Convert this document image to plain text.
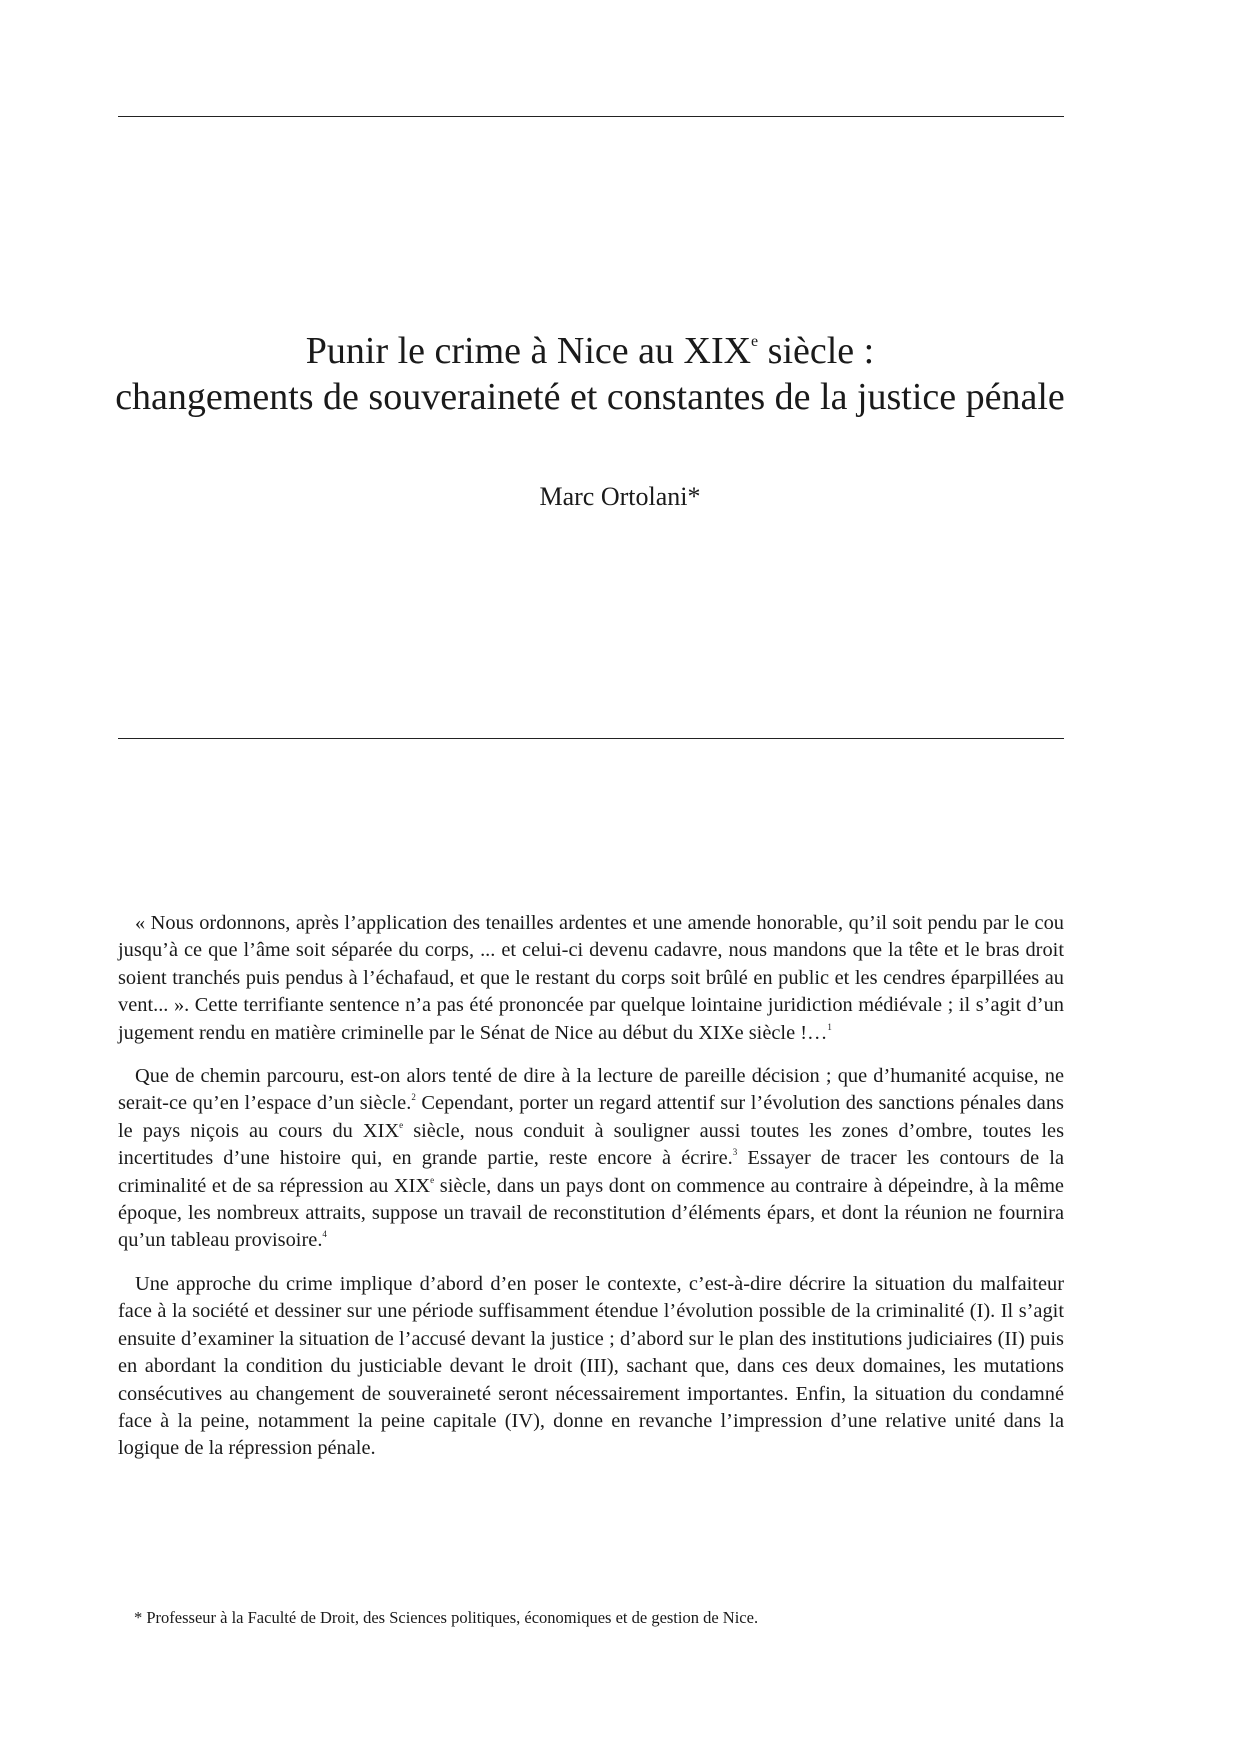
Punir le crime à Nice au XIXe siècle :
changements de souveraineté et constantes de la justice pénale

Marc Ortolani*

« Nous ordonnons, après l’application des tenailles ardentes et une amende honorable, qu’il soit pendu par le cou jusqu’à ce que l’âme soit séparée du corps, ... et celui-ci devenu cadavre, nous mandons que la tête et le bras droit soient tranchés puis pendus à l’échafaud, et que le restant du corps soit brûlé en public et les cendres éparpillées au vent... ». Cette terrifiante sentence n’a pas été prononcée par quelque lointaine juridiction médiévale ; il s’agit d’un jugement rendu en matière criminelle par le Sénat de Nice au début du XIXe siècle !…$^1$

Que de chemin parcouru, est-on alors tenté de dire à la lecture de pareille décision ; que d’humanité acquise, ne serait-ce qu’en l’espace d’un siècle.$^2$ Cependant, porter un regard attentif sur l’évolution des sanctions pénales dans le pays niçois au cours du XIXe siècle, nous conduit à souligner aussi toutes les zones d’ombre, toutes les incertitudes d’une histoire qui, en grande partie, reste encore à écrire.$^3$ Essayer de tracer les contours de la criminalité et de sa répression au XIXe siècle, dans un pays dont on commence au contraire à dépeindre, à la même époque, les nombreux attraits, suppose un travail de reconstitution d’éléments épars, et dont la réunion ne fournira qu’un tableau provisoire.$^4$

Une approche du crime implique d’abord d’en poser le contexte, c’est-à-dire décrire la situation du malfaiteur face à la société et dessiner sur une période suffisamment étendue l’évolution possible de la criminalité (I). Il s’agit ensuite d’examiner la situation de l’accusé devant la justice ; d’abord sur le plan des institutions judiciaires (II) puis en abordant la condition du justiciable devant le droit (III), sachant que, dans ces deux domaines, les mutations consécutives au changement de souveraineté seront nécessairement importantes. Enfin, la situation du condamné face à la peine, notamment la peine capitale (IV), donne en revanche l’impression d’une relative unité dans la logique de la répression pénale.

* Professeur à la Faculté de Droit, des Sciences politiques, économiques et de gestion de Nice.
